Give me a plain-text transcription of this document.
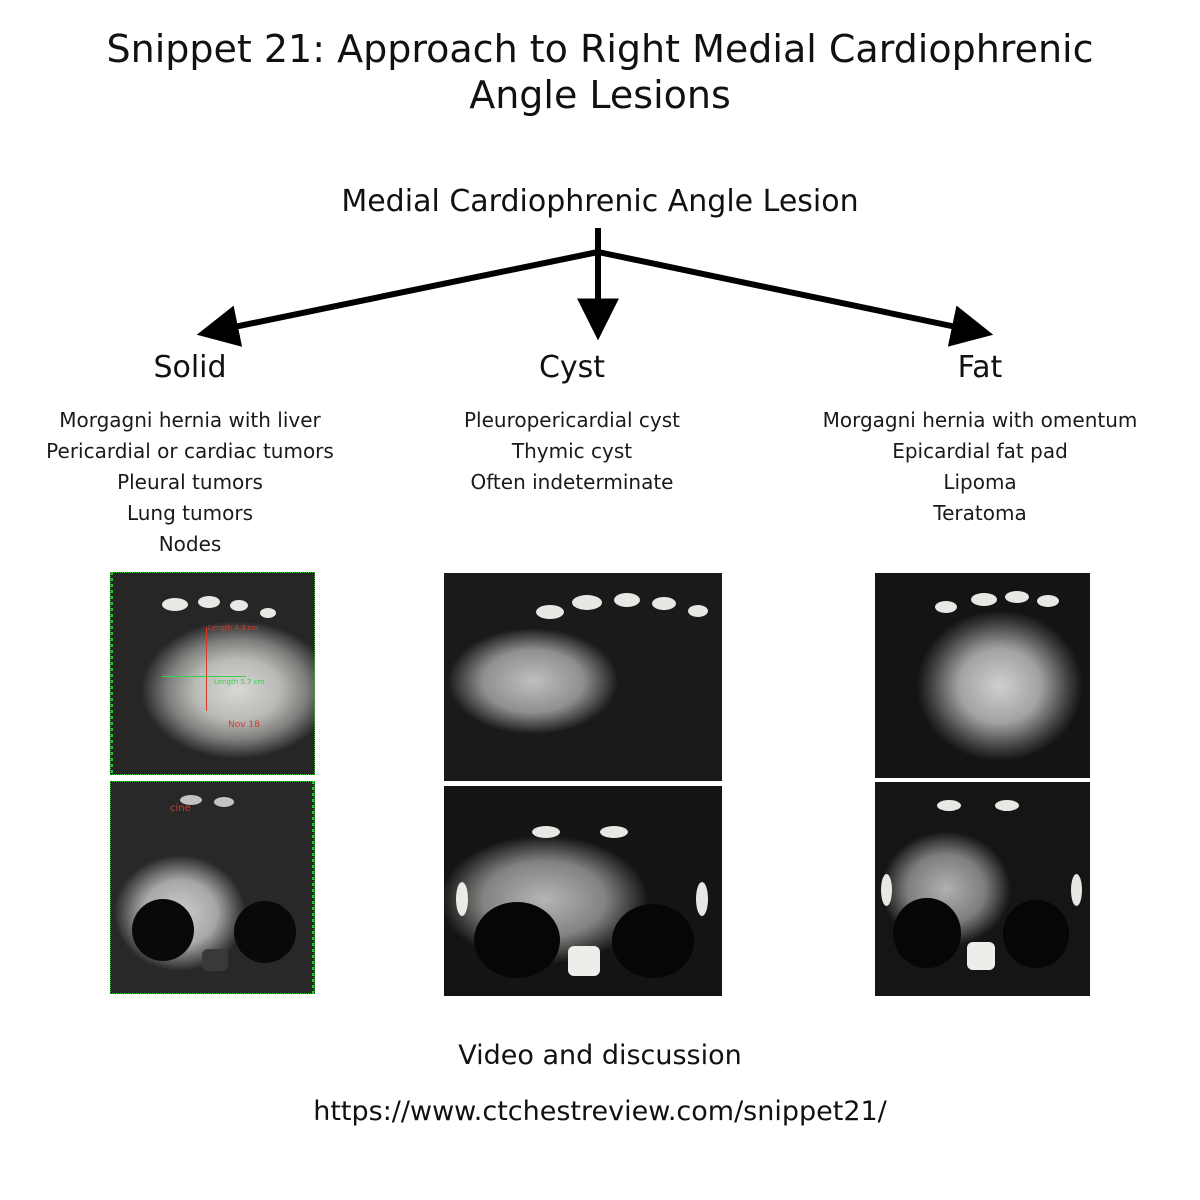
Snippet 21: Approach to Right Medial Cardiophrenic Angle Lesions
Medial Cardiophrenic Angle Lesion
Solid
Morgagni hernia with liver
Pericardial or cardiac tumors
Pleural tumors
Lung tumors
Nodes
Cyst
Pleuropericardial cyst
Thymic cyst
Often indeterminate
Fat
Morgagni hernia with omentum
Epicardial fat pad
Lipoma
Teratoma
Length 4.3 cm
Length 5.7 cm
Nov 18
cine
Video and discussion
https://www.ctchestreview.com/snippet21/
